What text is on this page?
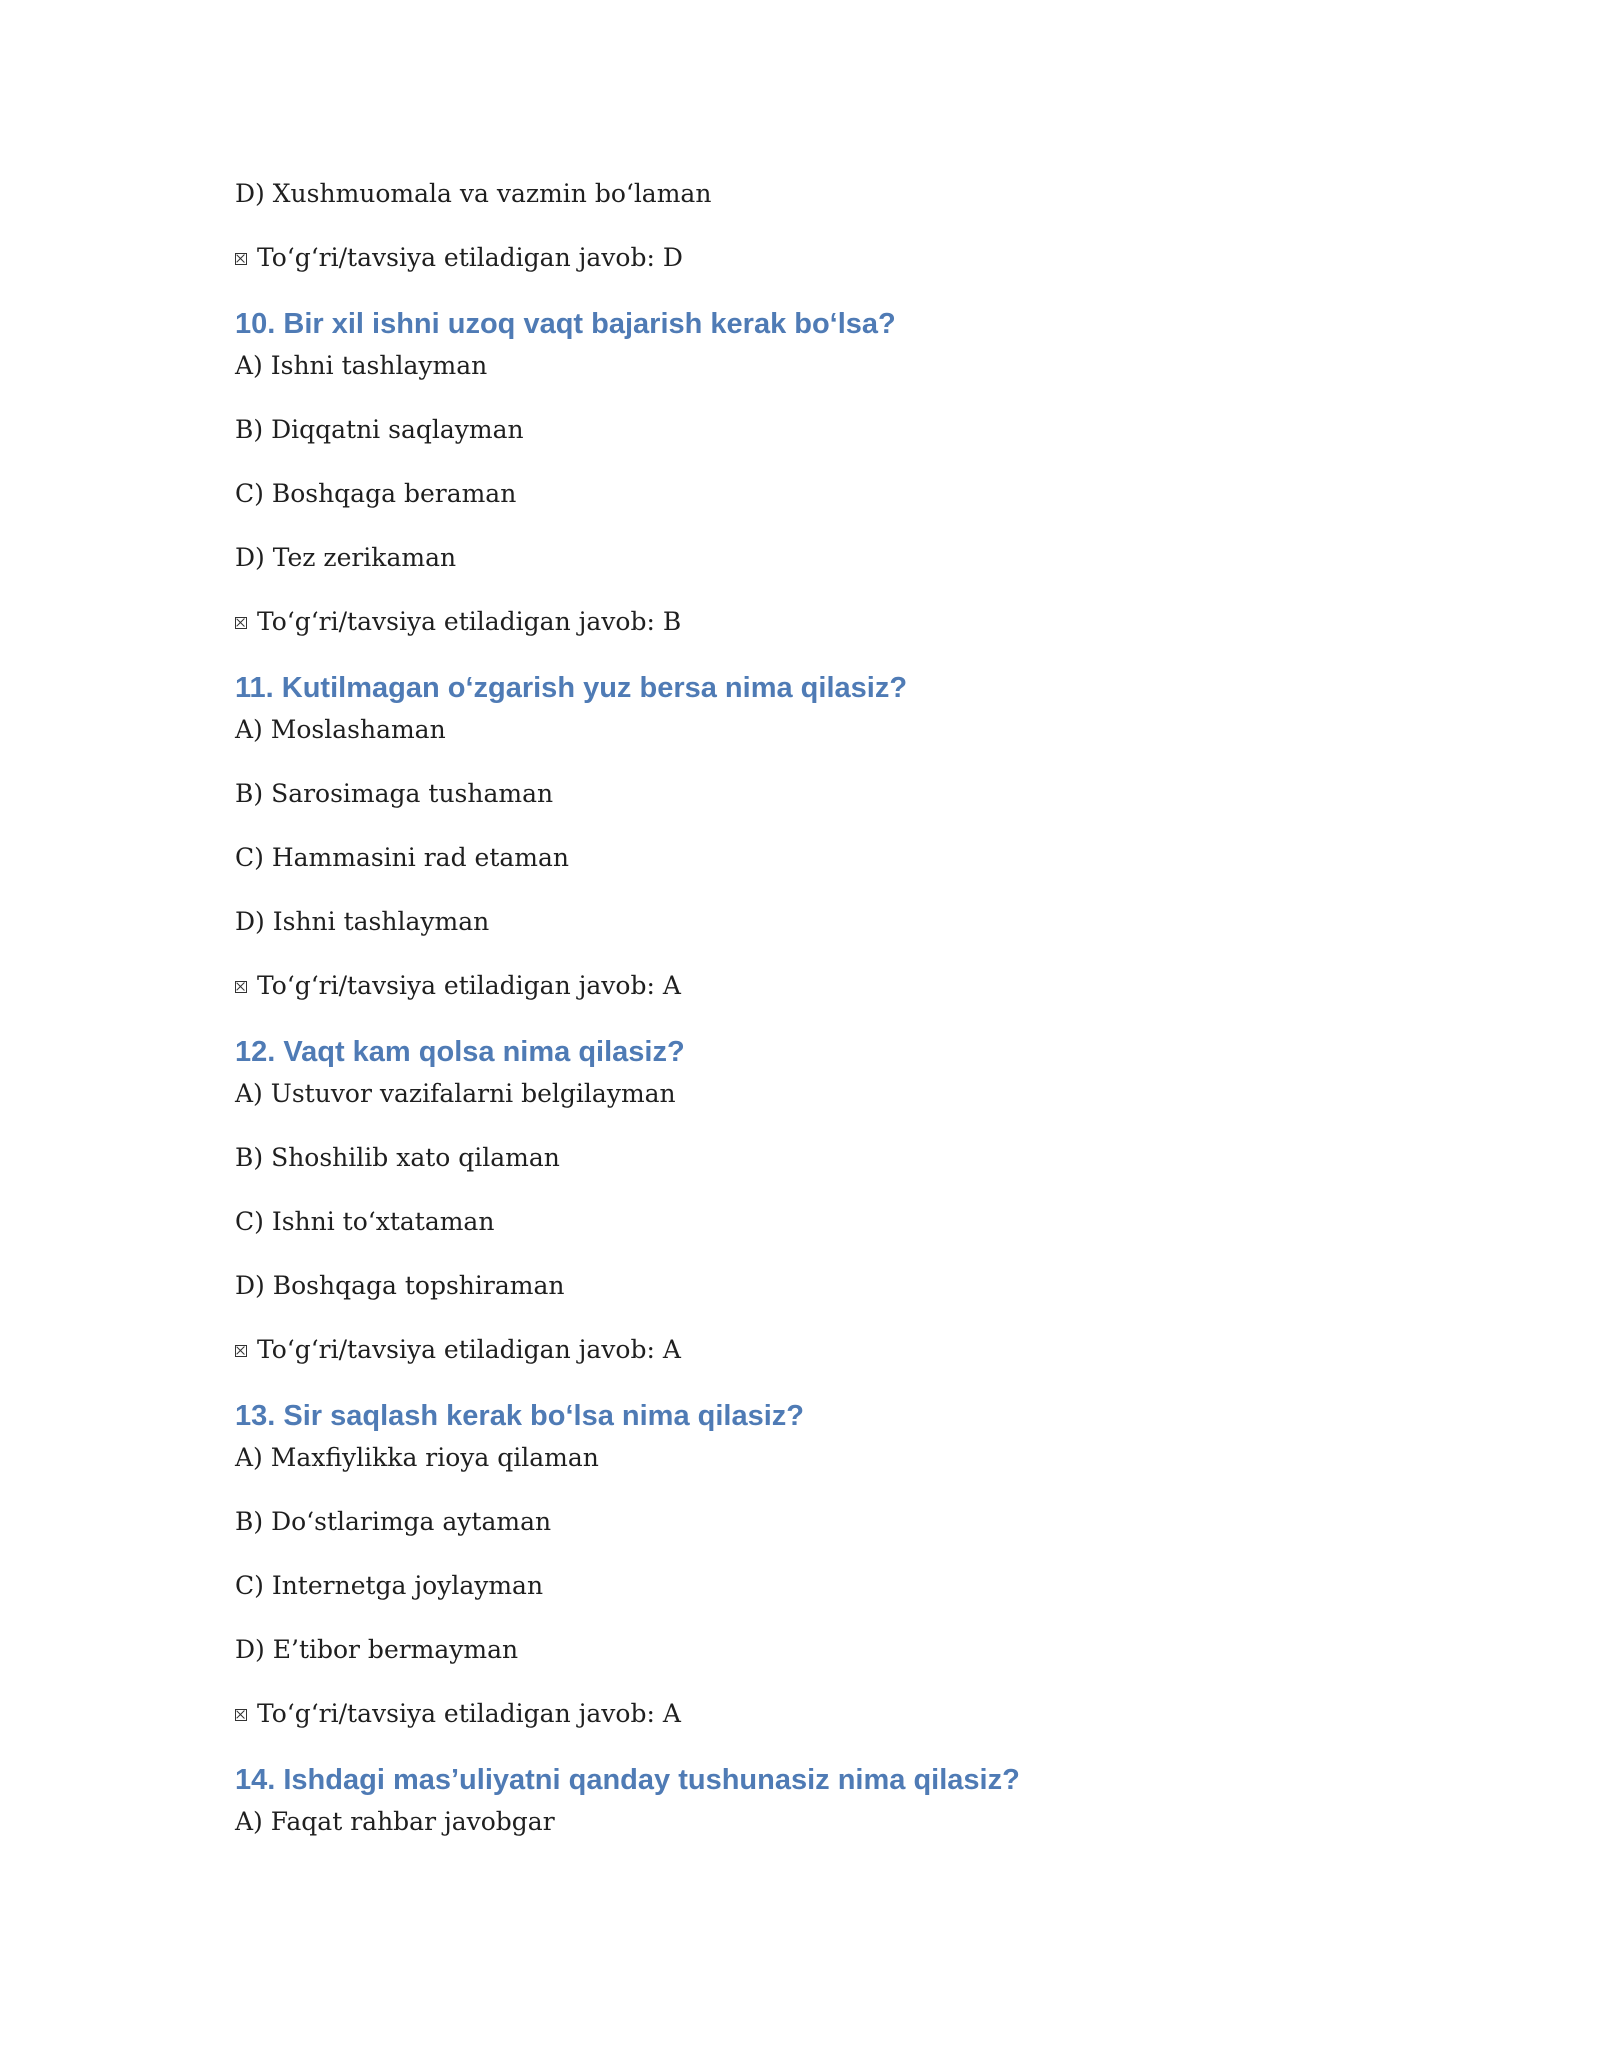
D) Xushmuomala va vazmin bo‘laman
To‘g‘ri/tavsiya etiladigan javob: D
10. Bir xil ishni uzoq vaqt bajarish kerak bo‘lsa?
A) Ishni tashlayman
B) Diqqatni saqlayman
C) Boshqaga beraman
D) Tez zerikaman
To‘g‘ri/tavsiya etiladigan javob: B
11. Kutilmagan o‘zgarish yuz bersa nima qilasiz?
A) Moslashaman
B) Sarosimaga tushaman
C) Hammasini rad etaman
D) Ishni tashlayman
To‘g‘ri/tavsiya etiladigan javob: A
12. Vaqt kam qolsa nima qilasiz?
A) Ustuvor vazifalarni belgilayman
B) Shoshilib xato qilaman
C) Ishni to‘xtataman
D) Boshqaga topshiraman
To‘g‘ri/tavsiya etiladigan javob: A
13. Sir saqlash kerak bo‘lsa nima qilasiz?
A) Maxfiylikka rioya qilaman
B) Do‘stlarimga aytaman
C) Internetga joylayman
D) E’tibor bermayman
To‘g‘ri/tavsiya etiladigan javob: A
14. Ishdagi mas’uliyatni qanday tushunasiz nima qilasiz?
A) Faqat rahbar javobgar
